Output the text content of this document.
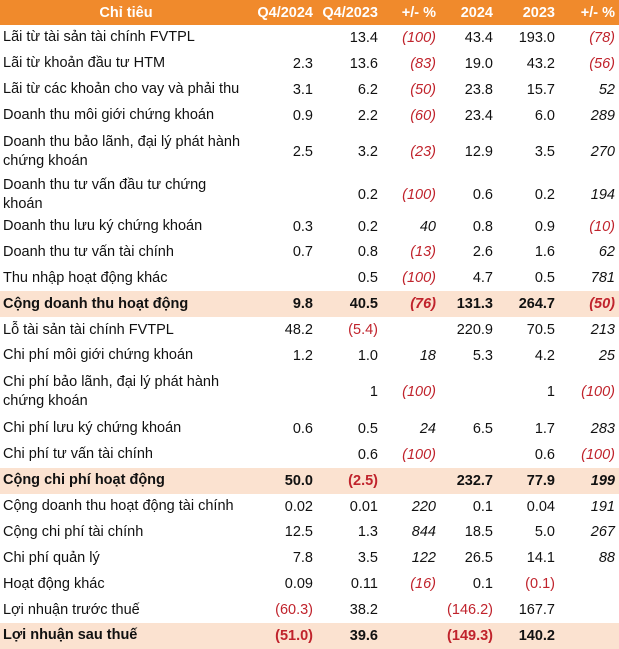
Chỉ tiêu	Q4/2024	Q4/2023	+/- %	2024	2023	+/- %
Lãi từ tài sản tài chính FVTPL		13.4	(100)	43.4	193.0	(78)
Lãi từ khoản đầu tư HTM	2.3	13.6	(83)	19.0	43.2	(56)
Lãi từ các khoản cho vay và phải thu	3.1	6.2	(50)	23.8	15.7	52
Doanh thu môi giới chứng khoán	0.9	2.2	(60)	23.4	6.0	289
Doanh thu bảo lãnh, đại lý phát hành chứng khoán	2.5	3.2	(23)	12.9	3.5	270
Doanh thu tư vấn đầu tư chứng khoán		0.2	(100)	0.6	0.2	194
Doanh thu lưu ký chứng khoán	0.3	0.2	40	0.8	0.9	(10)
Doanh thu tư vấn tài chính	0.7	0.8	(13)	2.6	1.6	62
Thu nhập hoạt động khác		0.5	(100)	4.7	0.5	781
Cộng doanh thu hoạt động	9.8	40.5	(76)	131.3	264.7	(50)
Lỗ tài sản tài chính FVTPL	48.2	(5.4)		220.9	70.5	213
Chi phí môi giới chứng khoán	1.2	1.0	18	5.3	4.2	25
Chi phí bảo lãnh, đại lý phát hành chứng khoán		1	(100)		1	(100)
Chi phí lưu ký chứng khoán	0.6	0.5	24	6.5	1.7	283
Chi phí tư vấn tài chính		0.6	(100)		0.6	(100)
Cộng chi phí hoạt động	50.0	(2.5)		232.7	77.9	199
Cộng doanh thu hoạt động tài chính	0.02	0.01	220	0.1	0.04	191
Cộng chi phí tài chính	12.5	1.3	844	18.5	5.0	267
Chi phí quản lý	7.8	3.5	122	26.5	14.1	88
Hoạt động khác	0.09	0.11	(16)	0.1	(0.1)	
Lợi nhuận trước thuế	(60.3)	38.2		(146.2)	167.7	
Lợi nhuận sau thuế	(51.0)	39.6		(149.3)	140.2	
